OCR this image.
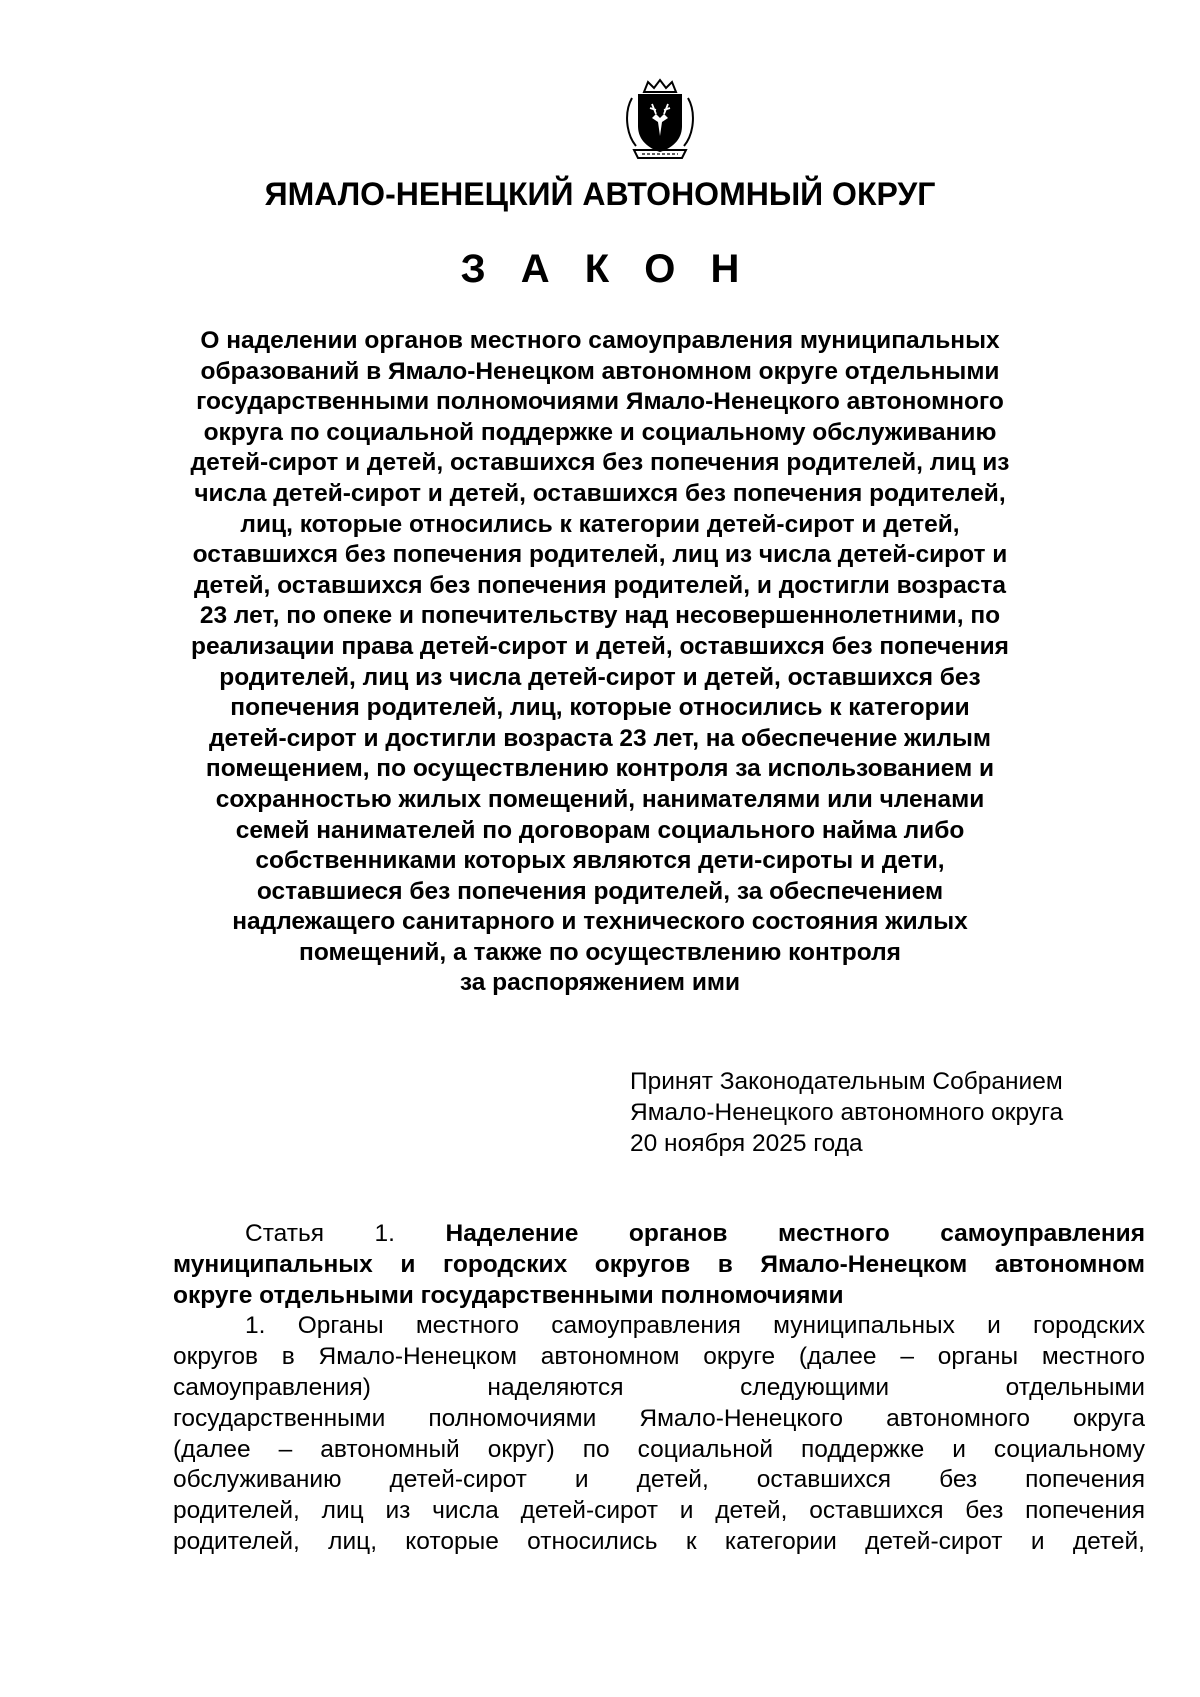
ЯМАЛО-НЕНЕЦКИЙ АВТОНОМНЫЙ ОКРУГ
З А К О Н
О наделении органов местного самоуправления муниципальных
образований в Ямало-Ненецком автономном округе отдельными
государственными полномочиями Ямало-Ненецкого автономного
округа по социальной поддержке и социальному обслуживанию
детей-сирот и детей, оставшихся без попечения родителей, лиц из
числа детей-сирот и детей, оставшихся без попечения родителей,
лиц, которые относились к категории детей-сирот и детей,
оставшихся без попечения родителей, лиц из числа детей-сирот и
детей, оставшихся без попечения родителей, и достигли возраста
23 лет, по опеке и попечительству над несовершеннолетними, по
реализации права детей-сирот и детей, оставшихся без попечения
родителей, лиц из числа детей-сирот и детей, оставшихся без
попечения родителей, лиц, которые относились к категории
детей-сирот и достигли возраста 23 лет, на обеспечение жилым
помещением, по осуществлению контроля за использованием и
сохранностью жилых помещений, нанимателями или членами
семей нанимателей по договорам социального найма либо
собственниками которых являются дети-сироты и дети,
оставшиеся без попечения родителей, за обеспечением
надлежащего санитарного и технического состояния жилых
помещений, а также по осуществлению контроля
за распоряжением ими
Принят Законодательным Собранием
Ямало-Ненецкого автономного округа
20 ноября 2025 года
Статья 1. Наделение органов местного самоуправления
муниципальных и городских округов в Ямало-Ненецком автономном
округе отдельными государственными полномочиями
1. Органы местного самоуправления муниципальных и городских
округов в Ямало-Ненецком автономном округе (далее – органы местного
самоуправления) наделяются следующими отдельными
государственными полномочиями Ямало-Ненецкого автономного округа
(далее – автономный округ) по социальной поддержке и социальному
обслуживанию детей-сирот и детей, оставшихся без попечения
родителей, лиц из числа детей-сирот и детей, оставшихся без попечения
родителей, лиц, которые относились к категории детей-сирот и детей,
